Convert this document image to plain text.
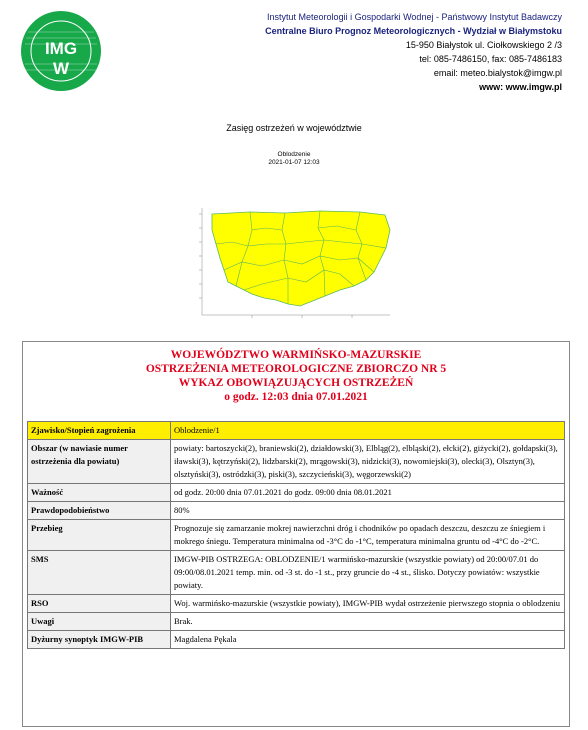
IMG
W
Instytut Meteorologii i Gospodarki Wodnej - Państwowy Instytut Badawczy
Centralne Biuro Prognoz Meteorologicznych - Wydział w Białymstoku
15-950 Białystok ul. Ciołkowskiego 2 /3
tel: 085-7486150, fax: 085-7486183
email: meteo.bialystok@imgw.pl
www: www.imgw.pl
Zasięg ostrzeżeń w województwie
Oblodzenie
2021-01-07 12:03
WOJEWÓDZTWO WARMIŃSKO-MAZURSKIE
OSTRZEŻENIA METEOROLOGICZNE ZBIORCZO NR 5
WYKAZ OBOWIĄZUJĄCYCH OSTRZEŻEŃ
o godz. 12:03 dnia 07.01.2021
Zjawisko/Stopień zagrożenia	Oblodzenie/1
Obszar (w nawiasie numer ostrzeżenia dla powiatu)	powiaty: bartoszycki(2), braniewski(2), działdowski(3), Elbląg(2), elbląski(2), ełcki(2), giżycki(2), gołdapski(3), iławski(3), kętrzyński(2), lidzbarski(2), mrągowski(3), nidzicki(3), nowomiejski(3), olecki(3), Olsztyn(3), olsztyński(3), ostródzki(3), piski(3), szczycieński(3), węgorzewski(2)
Ważność	od godz. 20:00 dnia 07.01.2021 do godz. 09:00 dnia 08.01.2021
Prawdopodobieństwo	80%
Przebieg	Prognozuje się zamarzanie mokrej nawierzchni dróg i chodników po opadach deszczu, deszczu ze śniegiem i mokrego śniegu. Temperatura minimalna od -3°C do -1°C, temperatura minimalna gruntu od -4°C do -2°C.
SMS	IMGW-PIB OSTRZEGA: OBLODZENIE/1 warmińsko-mazurskie (wszystkie powiaty) od 20:00/07.01 do 09:00/08.01.2021 temp. min. od -3 st. do -1 st., przy gruncie do -4 st., ślisko. Dotyczy powiatów: wszystkie powiaty.
RSO	Woj. warmińsko-mazurskie (wszystkie powiaty), IMGW-PIB wydał ostrzeżenie pierwszego stopnia o oblodzeniu
Uwagi	Brak.
Dyżurny synoptyk IMGW-PIB	Magdalena Pękala
